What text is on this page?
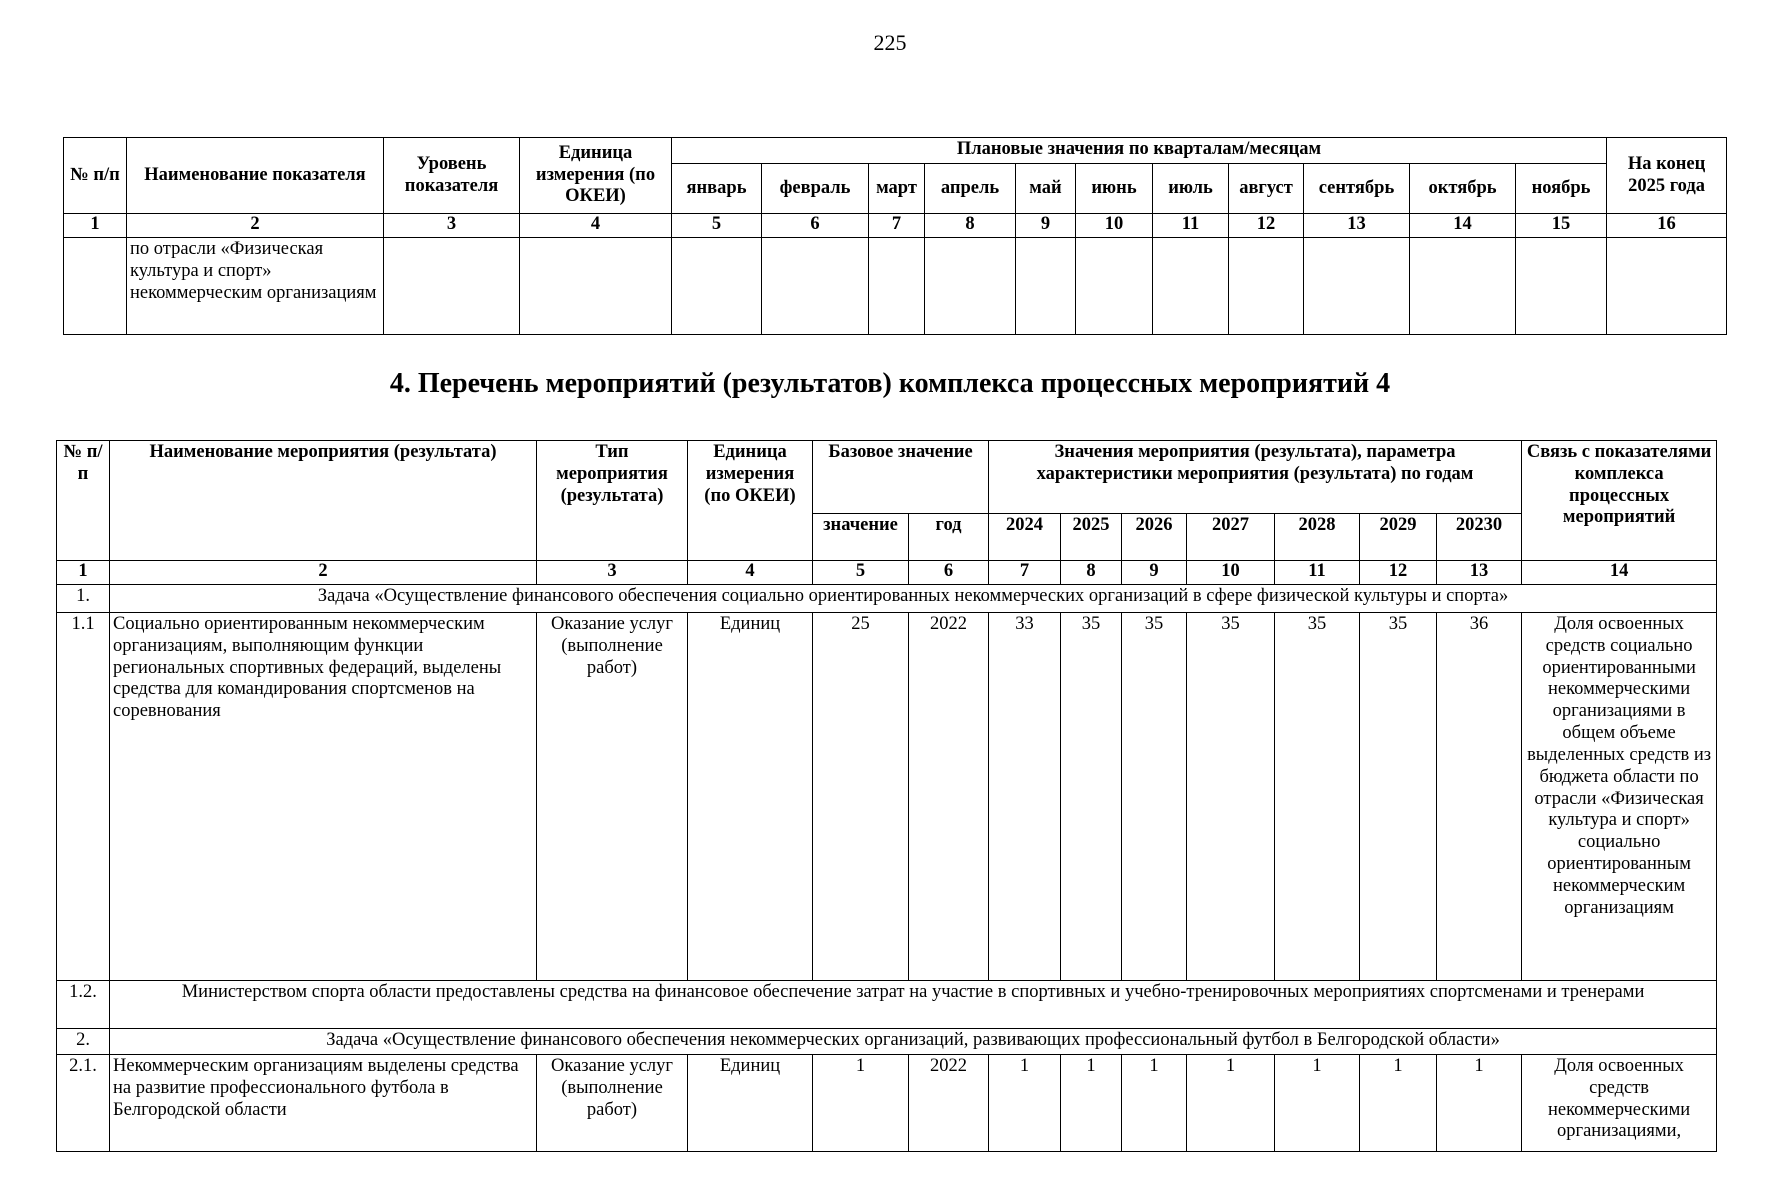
225
№ п/п	Наименование показателя	Уровень показателя	Единица измерения (по ОКЕИ)	Плановые значения по кварталам/месяцам											На конец 2025 года
				январь	февраль	март	апрель	май	июнь	июль	август	сентябрь	октябрь	ноябрь	
1	2	3	4	5	6	7	8	9	10	11	12	13	14	15	16
	по отрасли «Физическая культура и спорт» некоммерческим организациям														
4. Перечень мероприятий (результатов) комплекса процессных мероприятий 4
№ п/п	Наименование мероприятия (результата)	Тип мероприятия (результата)	Единица измерения (по ОКЕИ)	Базовое значение		Значения мероприятия (результата), параметра характеристики мероприятия (результата) по годам							Связь с показателями комплекса процессных мероприятий
				значение	год	2024	2025	2026	2027	2028	2029	20230	
1	2	3	4	5	6	7	8	9	10	11	12	13	14
1.	Задача «Осуществление финансового обеспечения социально ориентированных некоммерческих организаций в сфере физической культуры и спорта»												
1.1	Социально ориентированным некоммерческим организациям, выполняющим функции региональных спортивных федераций, выделены средства для командирования спортсменов на соревнования	Оказание услуг (выполнение работ)	Единиц	25	2022	33	35	35	35	35	35	36	Доля освоенных средств социально ориентированными некоммерческими организациями в общем объеме выделенных средств из бюджета области по отрасли «Физическая культура и спорт» социально ориентированным некоммерческим организациям
1.2.	Министерством спорта области предоставлены средства на финансовое обеспечение затрат на участие в спортивных и учебно-тренировочных мероприятиях спортсменами и тренерами												
2.	Задача «Осуществление финансового обеспечения некоммерческих организаций, развивающих профессиональный футбол в Белгородской области»												
2.1.	Некоммерческим организациям выделены средства на развитие профессионального футбола в Белгородской области	Оказание услуг (выполнение работ)	Единиц	1	2022	1	1	1	1	1	1	1	Доля освоенных средств некоммерческими организациями,
